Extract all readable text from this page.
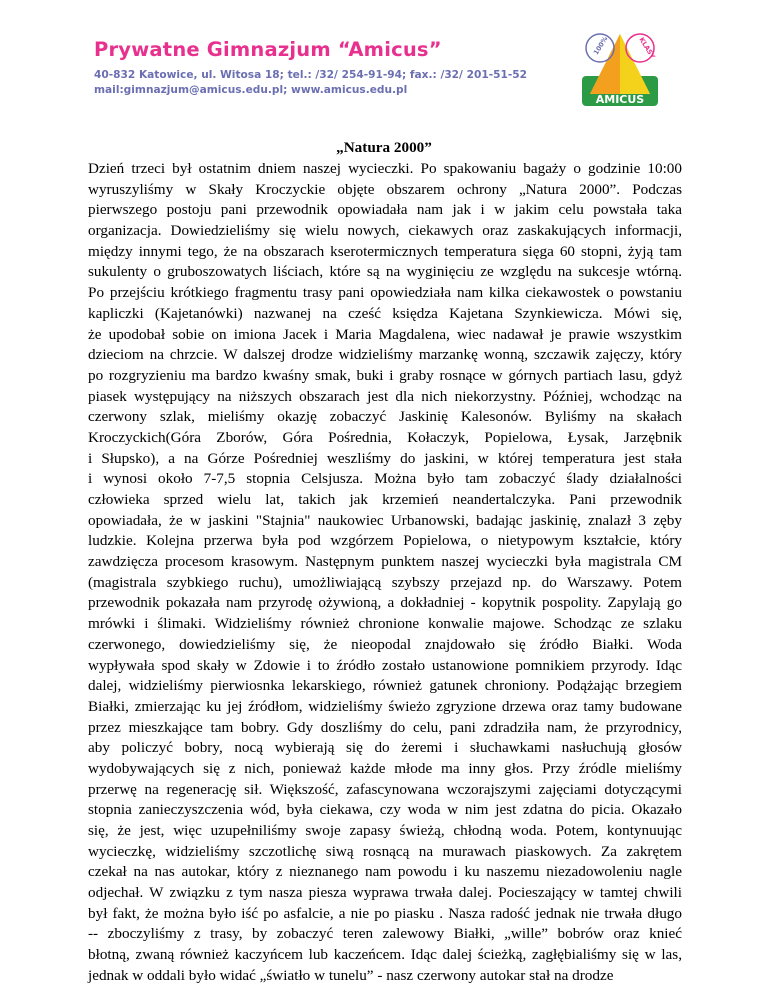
Prywatne Gimnazjum “Amicus”
40-832 Katowice, ul. Witosa 18; tel.: /32/ 254-91-94; fax.: /32/ 201-51-52
mail:gimnazjum@amicus.edu.pl; www.amicus.edu.pl
100%	KLASY
AMICUS
„Natura 2000”
Dzień trzeci był ostatnim dniem naszej wycieczki. Po spakowaniu bagaży o godzinie 10:00
wyruszyliśmy w Skały Kroczyckie objęte obszarem ochrony „Natura 2000”. Podczas
pierwszego postoju pani przewodnik opowiadała nam jak i w jakim celu powstała taka
organizacja. Dowiedzieliśmy się wielu nowych, ciekawych oraz zaskakujących informacji,
między innymi tego, że na obszarach kserotermicznych temperatura sięga 60 stopni, żyją tam
sukulenty o gruboszowatych liściach, które są na wyginięciu ze względu na sukcesje wtórną.
Po przejściu krótkiego fragmentu trasy pani opowiedziała nam kilka ciekawostek o powstaniu
kapliczki (Kajetanówki) nazwanej na cześć księdza Kajetana Szynkiewicza. Mówi się,
że upodobał sobie on imiona Jacek i Maria Magdalena, wiec nadawał je prawie wszystkim
dzieciom na chrzcie. W dalszej drodze widzieliśmy marzankę wonną, szczawik zajęczy, który
po rozgryzieniu ma bardzo kwaśny smak, buki i graby rosnące w górnych partiach lasu, gdyż
piasek występujący na niższych obszarach jest dla nich niekorzystny. Później, wchodząc na
czerwony szlak, mieliśmy okazję zobaczyć Jaskinię Kalesonów. Byliśmy na skałach
Kroczyckich(Góra Zborów, Góra Pośrednia, Kołaczyk, Popielowa, Łysak, Jarzębnik
i Słupsko), a na Górze Pośredniej weszliśmy do jaskini, w której temperatura jest stała
i wynosi około 7-7,5 stopnia Celsjusza. Można było tam zobaczyć ślady działalności
człowieka sprzed wielu lat, takich jak krzemień neandertalczyka. Pani przewodnik
opowiadała, że w jaskini "Stajnia" naukowiec Urbanowski, badając jaskinię, znalazł 3 zęby
ludzkie. Kolejna przerwa była pod wzgórzem Popielowa, o nietypowym kształcie, który
zawdzięcza procesom krasowym. Następnym punktem naszej wycieczki była magistrala CM
(magistrala szybkiego ruchu), umożliwiającą szybszy przejazd np. do Warszawy. Potem
przewodnik pokazała nam przyrodę ożywioną, a dokładniej - kopytnik pospolity. Zapylają go
mrówki i ślimaki. Widzieliśmy również chronione konwalie majowe. Schodząc ze szlaku
czerwonego, dowiedzieliśmy się, że nieopodal znajdowało się źródło Białki. Woda
wypływała spod skały w Zdowie i to źródło zostało ustanowione pomnikiem przyrody. Idąc
dalej, widzieliśmy pierwiosnka lekarskiego, również gatunek chroniony. Podążając brzegiem
Białki, zmierzając ku jej źródłom, widzieliśmy świeżo zgryzione drzewa oraz tamy budowane
przez mieszkające tam bobry. Gdy doszliśmy do celu, pani zdradziła nam, że przyrodnicy,
aby policzyć bobry, nocą wybierają się do żeremi i słuchawkami nasłuchują głosów
wydobywających się z nich, ponieważ każde młode ma inny głos. Przy źródle mieliśmy
przerwę na regenerację sił. Większość, zafascynowana wczorajszymi zajęciami dotyczącymi
stopnia zanieczyszczenia wód, była ciekawa, czy woda w nim jest zdatna do picia. Okazało
się, że jest, więc uzupełniliśmy swoje zapasy świeżą, chłodną woda. Potem, kontynuując
wycieczkę, widzieliśmy szczotlichę siwą rosnącą na murawach piaskowych. Za zakrętem
czekał na nas autokar, który z nieznanego nam powodu i ku naszemu niezadowoleniu nagle
odjechał. W związku z tym nasza piesza wyprawa trwała dalej. Pocieszający w tamtej chwili
był fakt, że można było iść po asfalcie, a nie po piasku . Nasza radość jednak nie trwała długo
-- zboczyliśmy z trasy, by zobaczyć teren zalewowy Białki, „wille” bobrów oraz knieć
błotną, zwaną również kaczyńcem lub kaczeńcem. Idąc dalej ścieżką, zagłębialiśmy się w las,
jednak w oddali było widać „światło w tunelu” - nasz czerwony autokar stał na drodze
